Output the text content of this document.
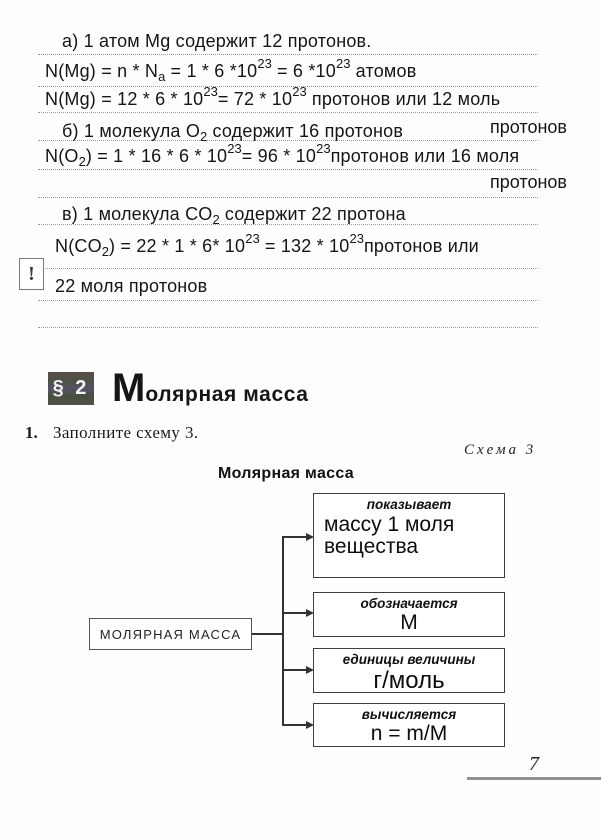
а) 1 атом Mg содержит 12 протонов.
$N(Mg) = n * N_a = 1 * 6$ $*10^{23} = 6$ $*10^{23}$ атомов
$N(Mg) = 12 * 6 * 10^{23}= 72 * 10^{23}$ протонов или 12 моль
протонов
б) 1 молекула $O_2$ содержит 16 протонов
$N(O_2) = 1 * 16 * 6 * 10^{23}= 96$ * $10^{23}протонов$ или 16 моля
протонов
в) 1 молекула $CO_2$ содержит 22 протона
$N(CO_2) = 22 * 1 * 6*$ $10^{23} = 132$ * $10^{23}протонов$ или
22 моля протонов
!
§ 2 М олярная масса
1. Заполните схему 3.
Схема 3
Молярная масса
МОЛЯРНАЯ МАССА
показывает
массу 1 моля вещества
обозначается
M
единицы величины
г/моль
вычисляется
n = m/M
7
